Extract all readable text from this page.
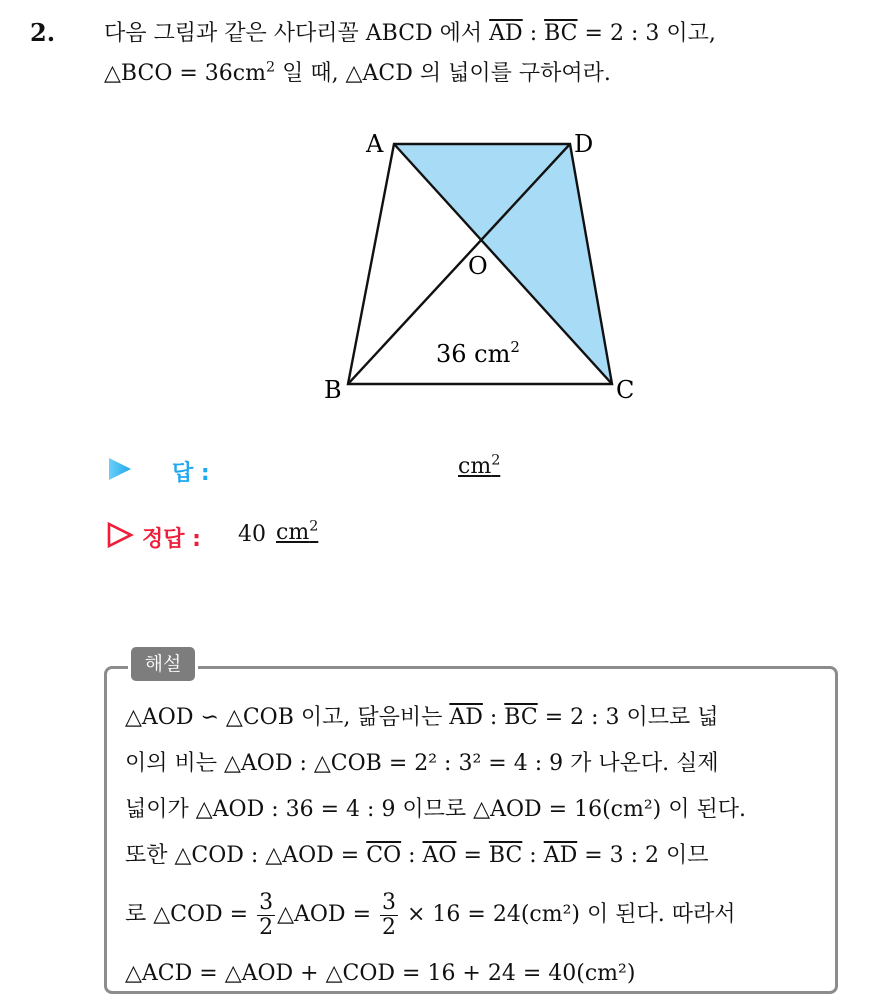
2. 다음 그림과 같은 사다리꼴 ABCD 에서 $\overline{AD}$ : $\overline{BC} = 2$ : 3 이고,
△BCO = $36cm^2$ 일 때, △ACD 의 넓이를 구하여라.
A	D
O
B	C
36 $cm^2$
답 :	$cm^2$
정답 : 40 $cm^2$
△AOD ∽ △COB 이고, 닮음비는 $\overline{AD}$ : $\overline{BC} = 2$ : 3 이므로 넓
이의 비는 △AOD : △COB = 2² : 3² = 4 : 9 가 나온다. 실제
넓이가 △AOD : 36 = 4 : 9 이므로 △AOD = 16(cm²) 이 된다.
또한 △COD : △AOD = $\overline{CO}$ : $\overline{AO} = \overline{BC}$ : $\overline{AD} = 3$ : 2 이므
로 △COD = $\frac{3}{2}$ △AOD = $\frac{3}{2} \times 16 = 24(cm^2)$ 이 된다. 따라서
△ACD = △AOD + △COD = 16 + 24 = 40(cm²)
해설
